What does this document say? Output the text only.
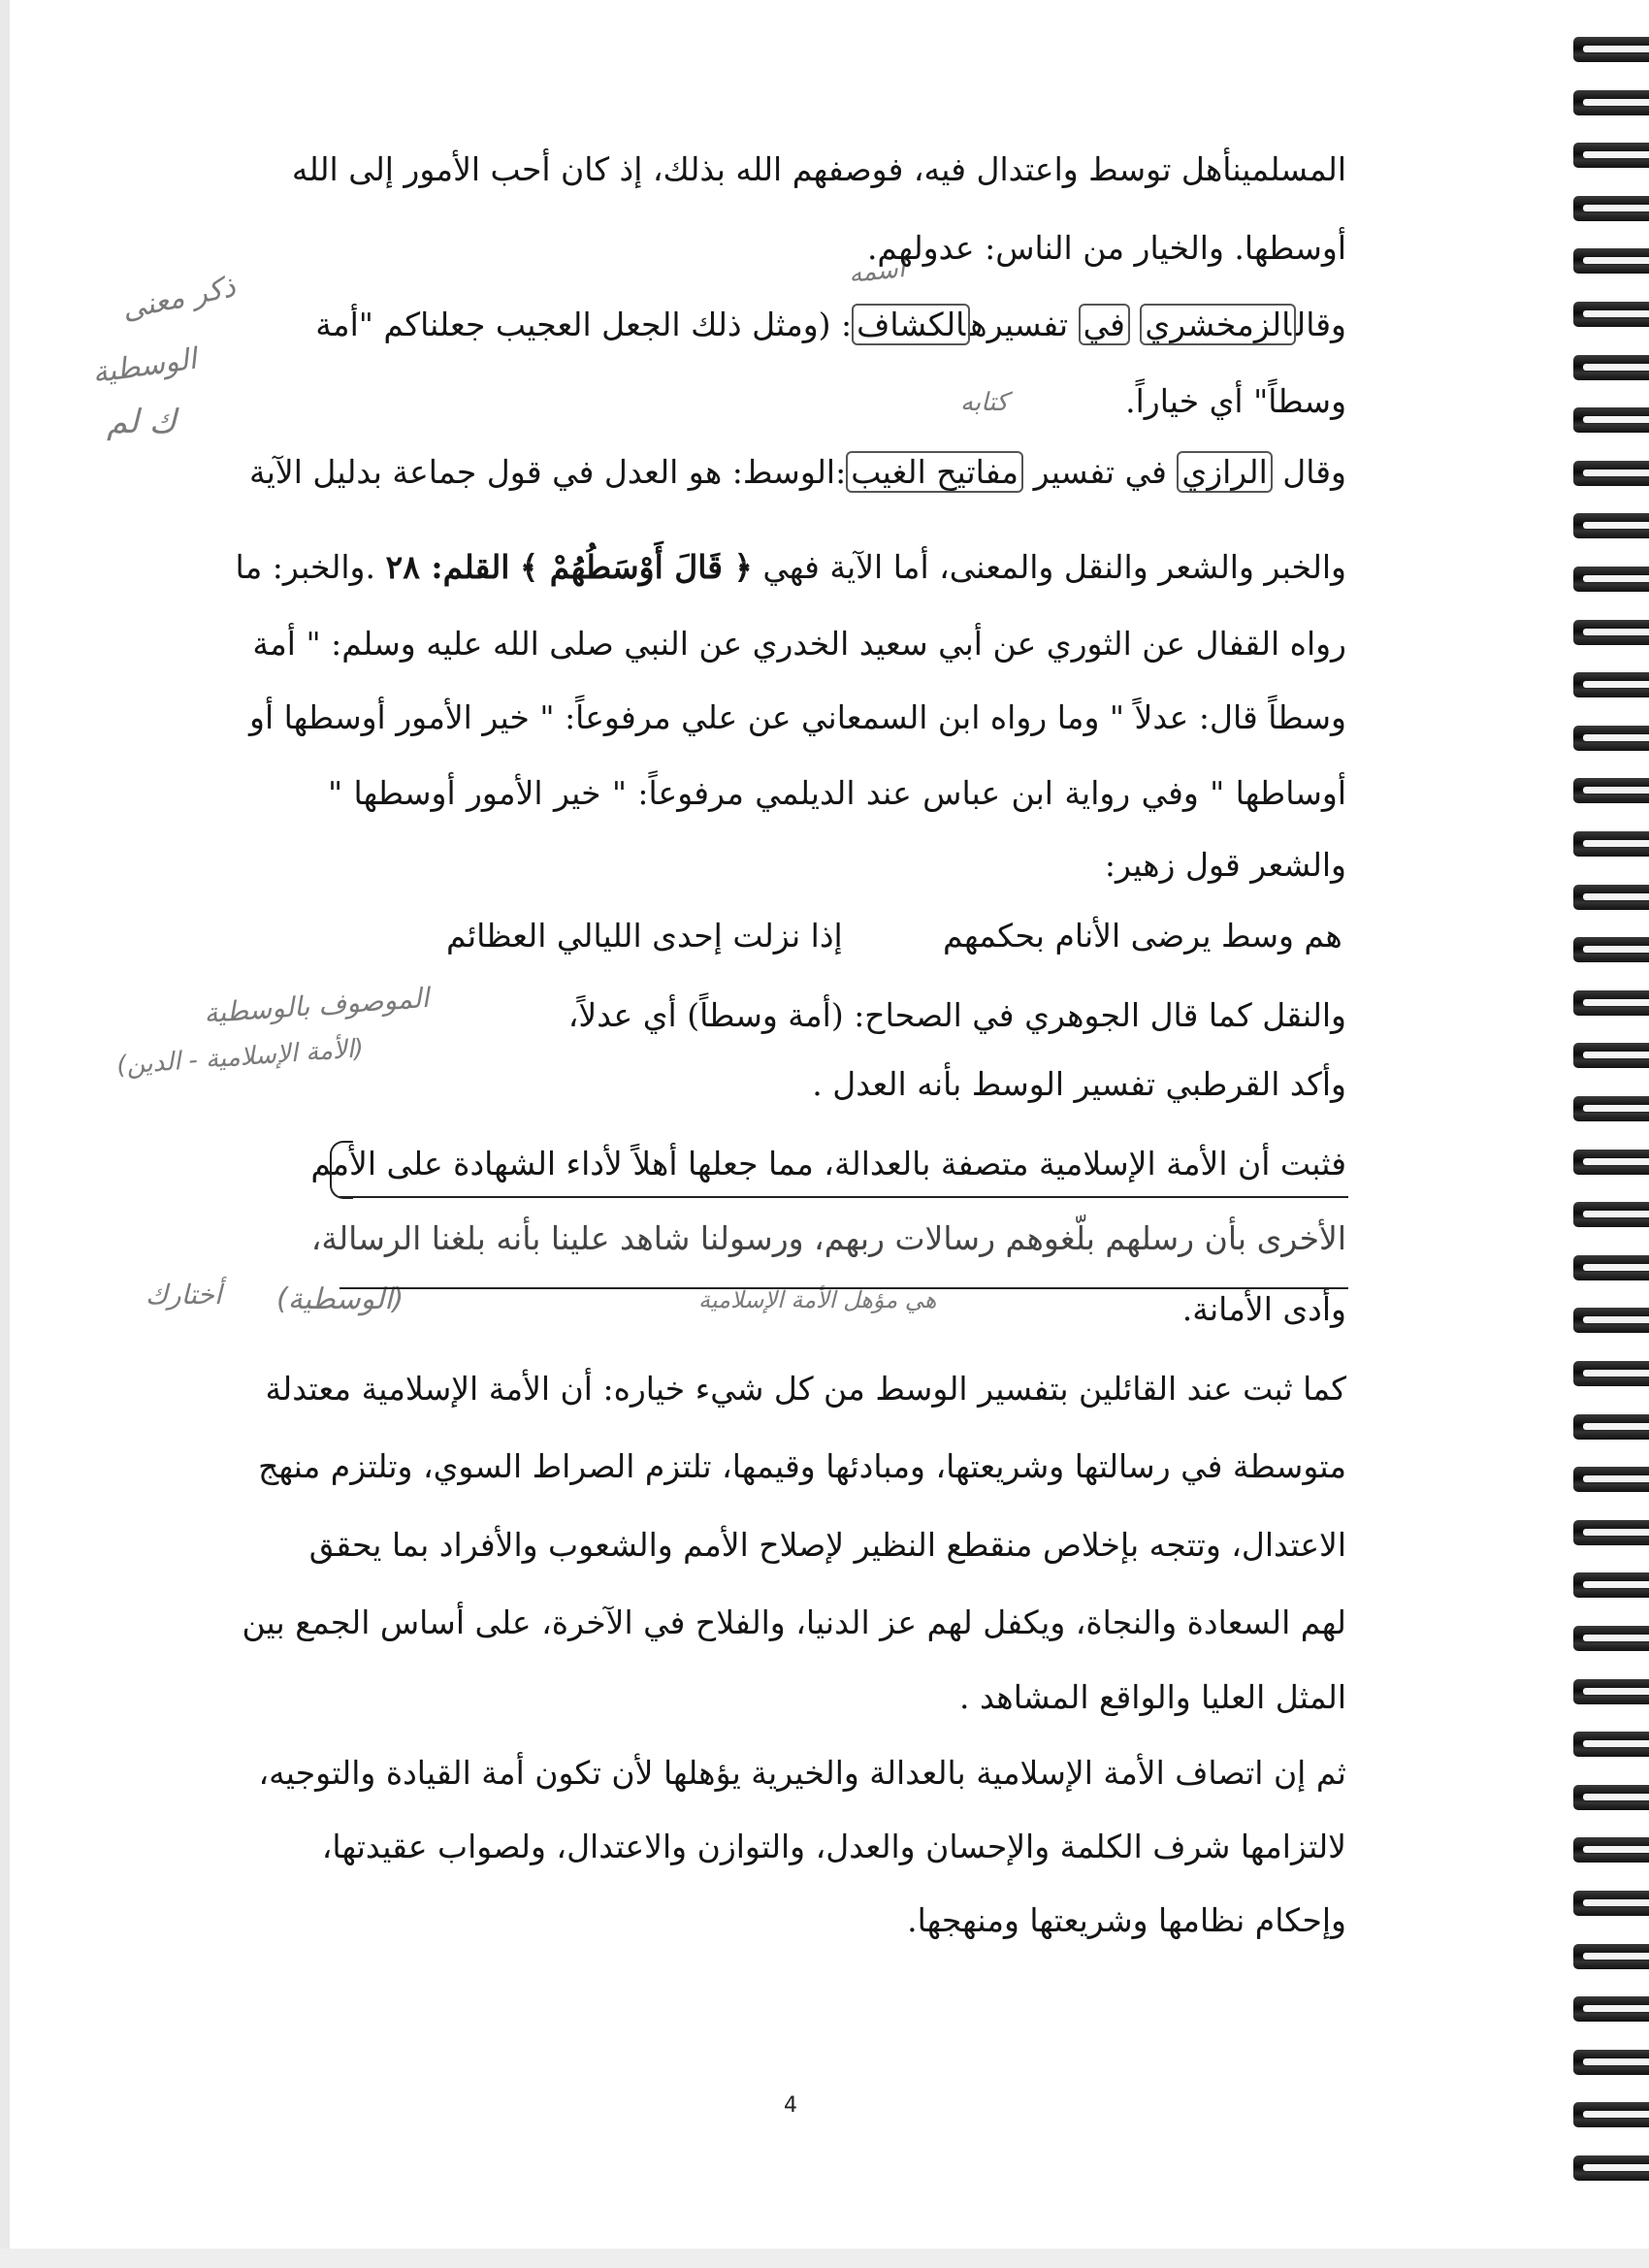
ذكر معنى
الوسطية
ك لم
اسمه
كتابه
الموصوف بالوسطية
(الأمة الإسلامية - الدين)
(الوسطية)
أختارك	هي مؤهل الأمة الإسلامية
المسلمينأهل توسط واعتدال فيه، فوصفهم الله بذلك، إذ كان أحب الأمور إلى الله
أوسطها. والخيار من الناس: عدولهم.
وقالالزمخشري في تفسيرهالكشاف: (ومثل ذلك الجعل العجيب جعلناكم "أمة
وسطاً" أي خياراً.
وقال الرازي في تفسير مفاتيح الغيب:الوسط: هو العدل في قول جماعة بدليل الآية
والخبر والشعر والنقل والمعنى، أما الآية فهي ﴿ قَالَ أَوْسَطُهُمْ ﴾ القلم: ٢٨ .والخبر: ما
رواه القفال عن الثوري عن أبي سعيد الخدري عن النبي صلى الله عليه وسلم: " أمة
وسطاً قال: عدلاً " وما رواه ابن السمعاني عن علي مرفوعاً: " خير الأمور أوسطها أو
أوساطها " وفي رواية ابن عباس عند الديلمي مرفوعاً: " خير الأمور أوسطها "
والشعر قول زهير:
إذا نزلت إحدى الليالي العظائم	هم وسط يرضى الأنام بحكمهم
والنقل كما قال الجوهري في الصحاح: (أمة وسطاً) أي عدلاً،
وأكد القرطبي تفسير الوسط بأنه العدل .
فثبت أن الأمة الإسلامية متصفة بالعدالة، مما جعلها أهلاً لأداء الشهادة على الأمم
الأخرى بأن رسلهم بلّغوهم رسالات ربهم، ورسولنا شاهد علينا بأنه بلغنا الرسالة،
وأدى الأمانة.
كما ثبت عند القائلين بتفسير الوسط من كل شيء خياره: أن الأمة الإسلامية معتدلة
متوسطة في رسالتها وشريعتها، ومبادئها وقيمها، تلتزم الصراط السوي، وتلتزم منهج
الاعتدال، وتتجه بإخلاص منقطع النظير لإصلاح الأمم والشعوب والأفراد بما يحقق
لهم السعادة والنجاة، ويكفل لهم عز الدنيا، والفلاح في الآخرة، على أساس الجمع بين
المثل العليا والواقع المشاهد .
ثم إن اتصاف الأمة الإسلامية بالعدالة والخيرية يؤهلها لأن تكون أمة القيادة والتوجيه،
لالتزامها شرف الكلمة والإحسان والعدل، والتوازن والاعتدال، ولصواب عقيدتها،
وإحكام نظامها وشريعتها ومنهجها.
4
